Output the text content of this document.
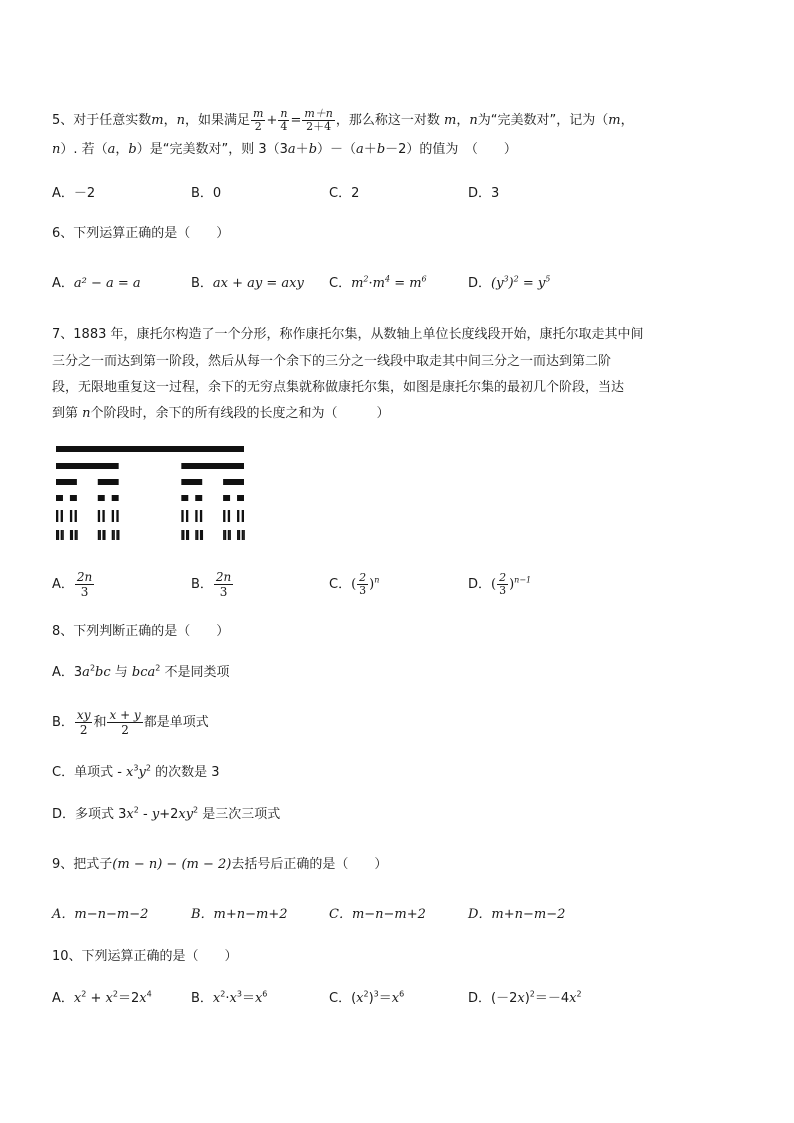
5、对于任意实数m，n，如果满足 $\frac{m}{2} + \frac{n}{4} = \frac{m+n}{2+4}$ ，那么称这一对数 m，n为“完美数对”，记为（m，
n）. 若（a，b）是“完美数对”，则 3（3a＋b）－（a＋b－2）的值为　（　　）
A．－2	B．0	C．2	D．3
6、下列运算正确的是（　　）
A．a² − a = a	B．ax + ay = axy C．$m^2\cdot m^4 = m^6$	D．$(y^3)^2 = y^5$
7、1883 年，康托尔构造了一个分形，称作康托尔集，从数轴上单位长度线段开始，康托尔取走其中间
三分之一而达到第一阶段，然后从每一个余下的三分之一线段中取走其中间三分之一而达到第二阶
段，无限地重复这一过程，余下的无穷点集就称做康托尔集，如图是康托尔集的最初几个阶段，当达
到第 n个阶段时，余下的所有线段的长度之和为（　　　）
A． $\frac{2n}{3}$	B． $\frac{2n}{3}$	C．( $\frac{2}{3} )^n$	D．( $\frac{2}{3} )^{n-1}$
8、下列判断正确的是（　　）
A．$3a^2bc$ 与 bca$^2$ 不是同类项
B． $\frac{xy}{2}$ 和 $\frac{x + y}{2}$ 都是单项式
C．单项式 - $x^3y^2$ 的次数是 3
D．多项式 $3x^2 - y+2xy^2$ 是三次三项式
9、把式子(m − n) − (m − 2)去括号后正确的是（　　）
A．m−n−m−2	B．m+n−m+2	C．m−n−m+2	D．m+n−m−2
10、下列运算正确的是（　　）
A．$x^2 + x^2=2x^4$	B．$x^2\cdot x^3=x^6$	C．$(x^2)^3=x^6$	D．$(-2x)^2=-4x^2$
